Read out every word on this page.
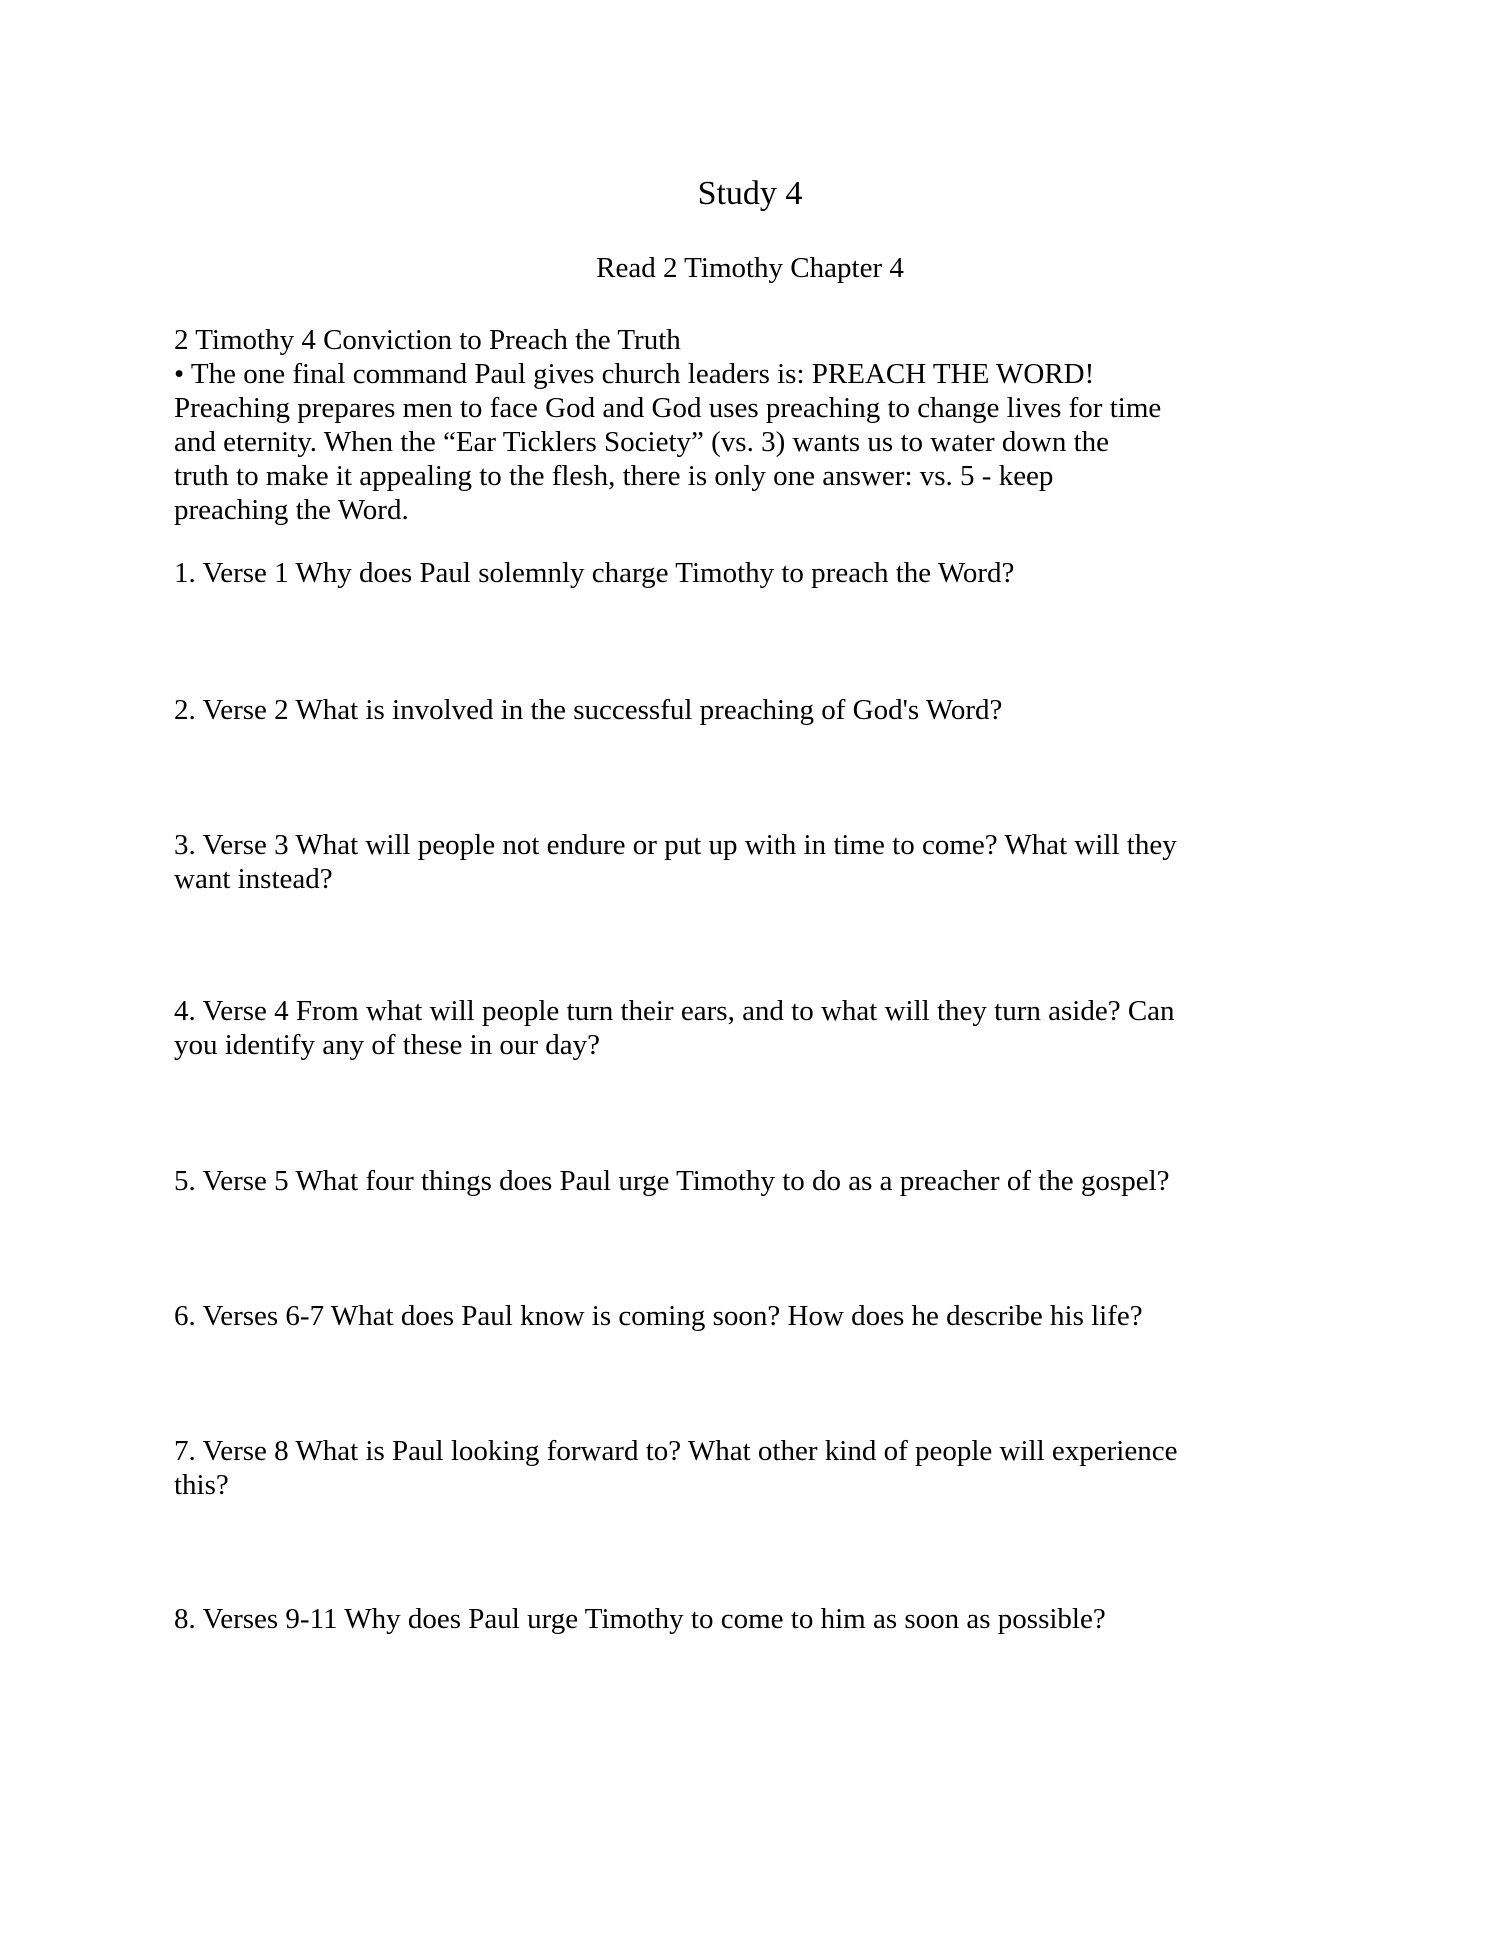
Study 4
Read 2 Timothy Chapter 4
2 Timothy 4 Conviction to Preach the Truth
• The one final command Paul gives church leaders is: PREACH THE WORD!
Preaching prepares men to face God and God uses preaching to change lives for time
and eternity. When the “Ear Ticklers Society” (vs. 3) wants us to water down the
truth to make it appealing to the flesh, there is only one answer: vs. 5 - keep
preaching the Word.
1. Verse 1 Why does Paul solemnly charge Timothy to preach the Word?
2. Verse 2 What is involved in the successful preaching of God's Word?
3. Verse 3 What will people not endure or put up with in time to come? What will they
want instead?
4. Verse 4 From what will people turn their ears, and to what will they turn aside? Can
you identify any of these in our day?
5. Verse 5 What four things does Paul urge Timothy to do as a preacher of the gospel?
6. Verses 6-7 What does Paul know is coming soon? How does he describe his life?
7. Verse 8 What is Paul looking forward to? What other kind of people will experience
this?
8. Verses 9-11 Why does Paul urge Timothy to come to him as soon as possible?
